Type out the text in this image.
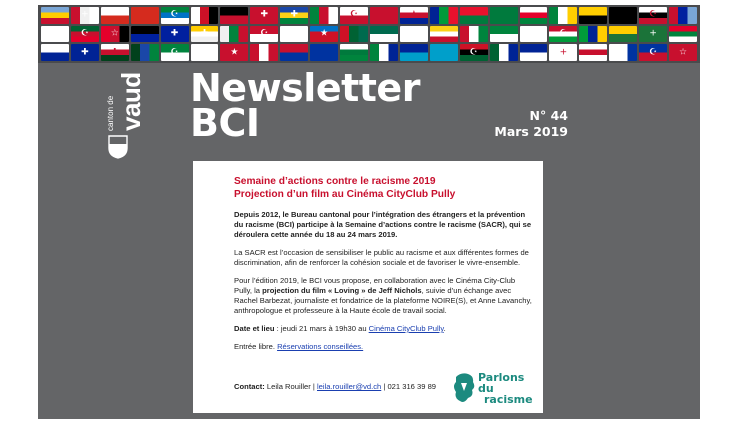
+	☪ ☆	✚ ✚	☪	★	☪	☪
☪ ☆	✚ ✚	☪	★	☪	☪	+
✚ ✚	☪	★	☪	☪	+	☪ ☆
canton de vaud Newsletter
BCI	N° 44
Mars 2019
Semaine d’actions contre le racisme 2019
Projection d’un film au Cinéma CityClub Pully

Depuis 2012, le Bureau cantonal pour l’intégration des étrangers et la prévention du racisme (BCI) participe à la Semaine d’actions contre le racisme (SACR), qui se déroulera cette année du 18 au 24 mars 2019.

La SACR est l’occasion de sensibiliser le public au racisme et aux différentes formes de discrimination, afin de renforcer la cohésion sociale et de favoriser le vivre-ensemble.

Pour l’édition 2019, le BCI vous propose, en collaboration avec le Cinéma City-Club Pully, la projection du film « Loving » de Jeff Nichols, suivie d’un échange avec Rachel Barbezat, journaliste et fondatrice de la plateforme NOIRE(S), et Anne Lavanchy, anthropologue et professeure à la Haute école de travail social.

Date et lieu : jeudi 21 mars à 19h30 au Cinéma CityClub Pully.

Entrée libre. Réservations conseillées.

Contact: Leila Rouiller | leila.rouiller@vd.ch | 021 316 39 89
Parlons du
racisme
